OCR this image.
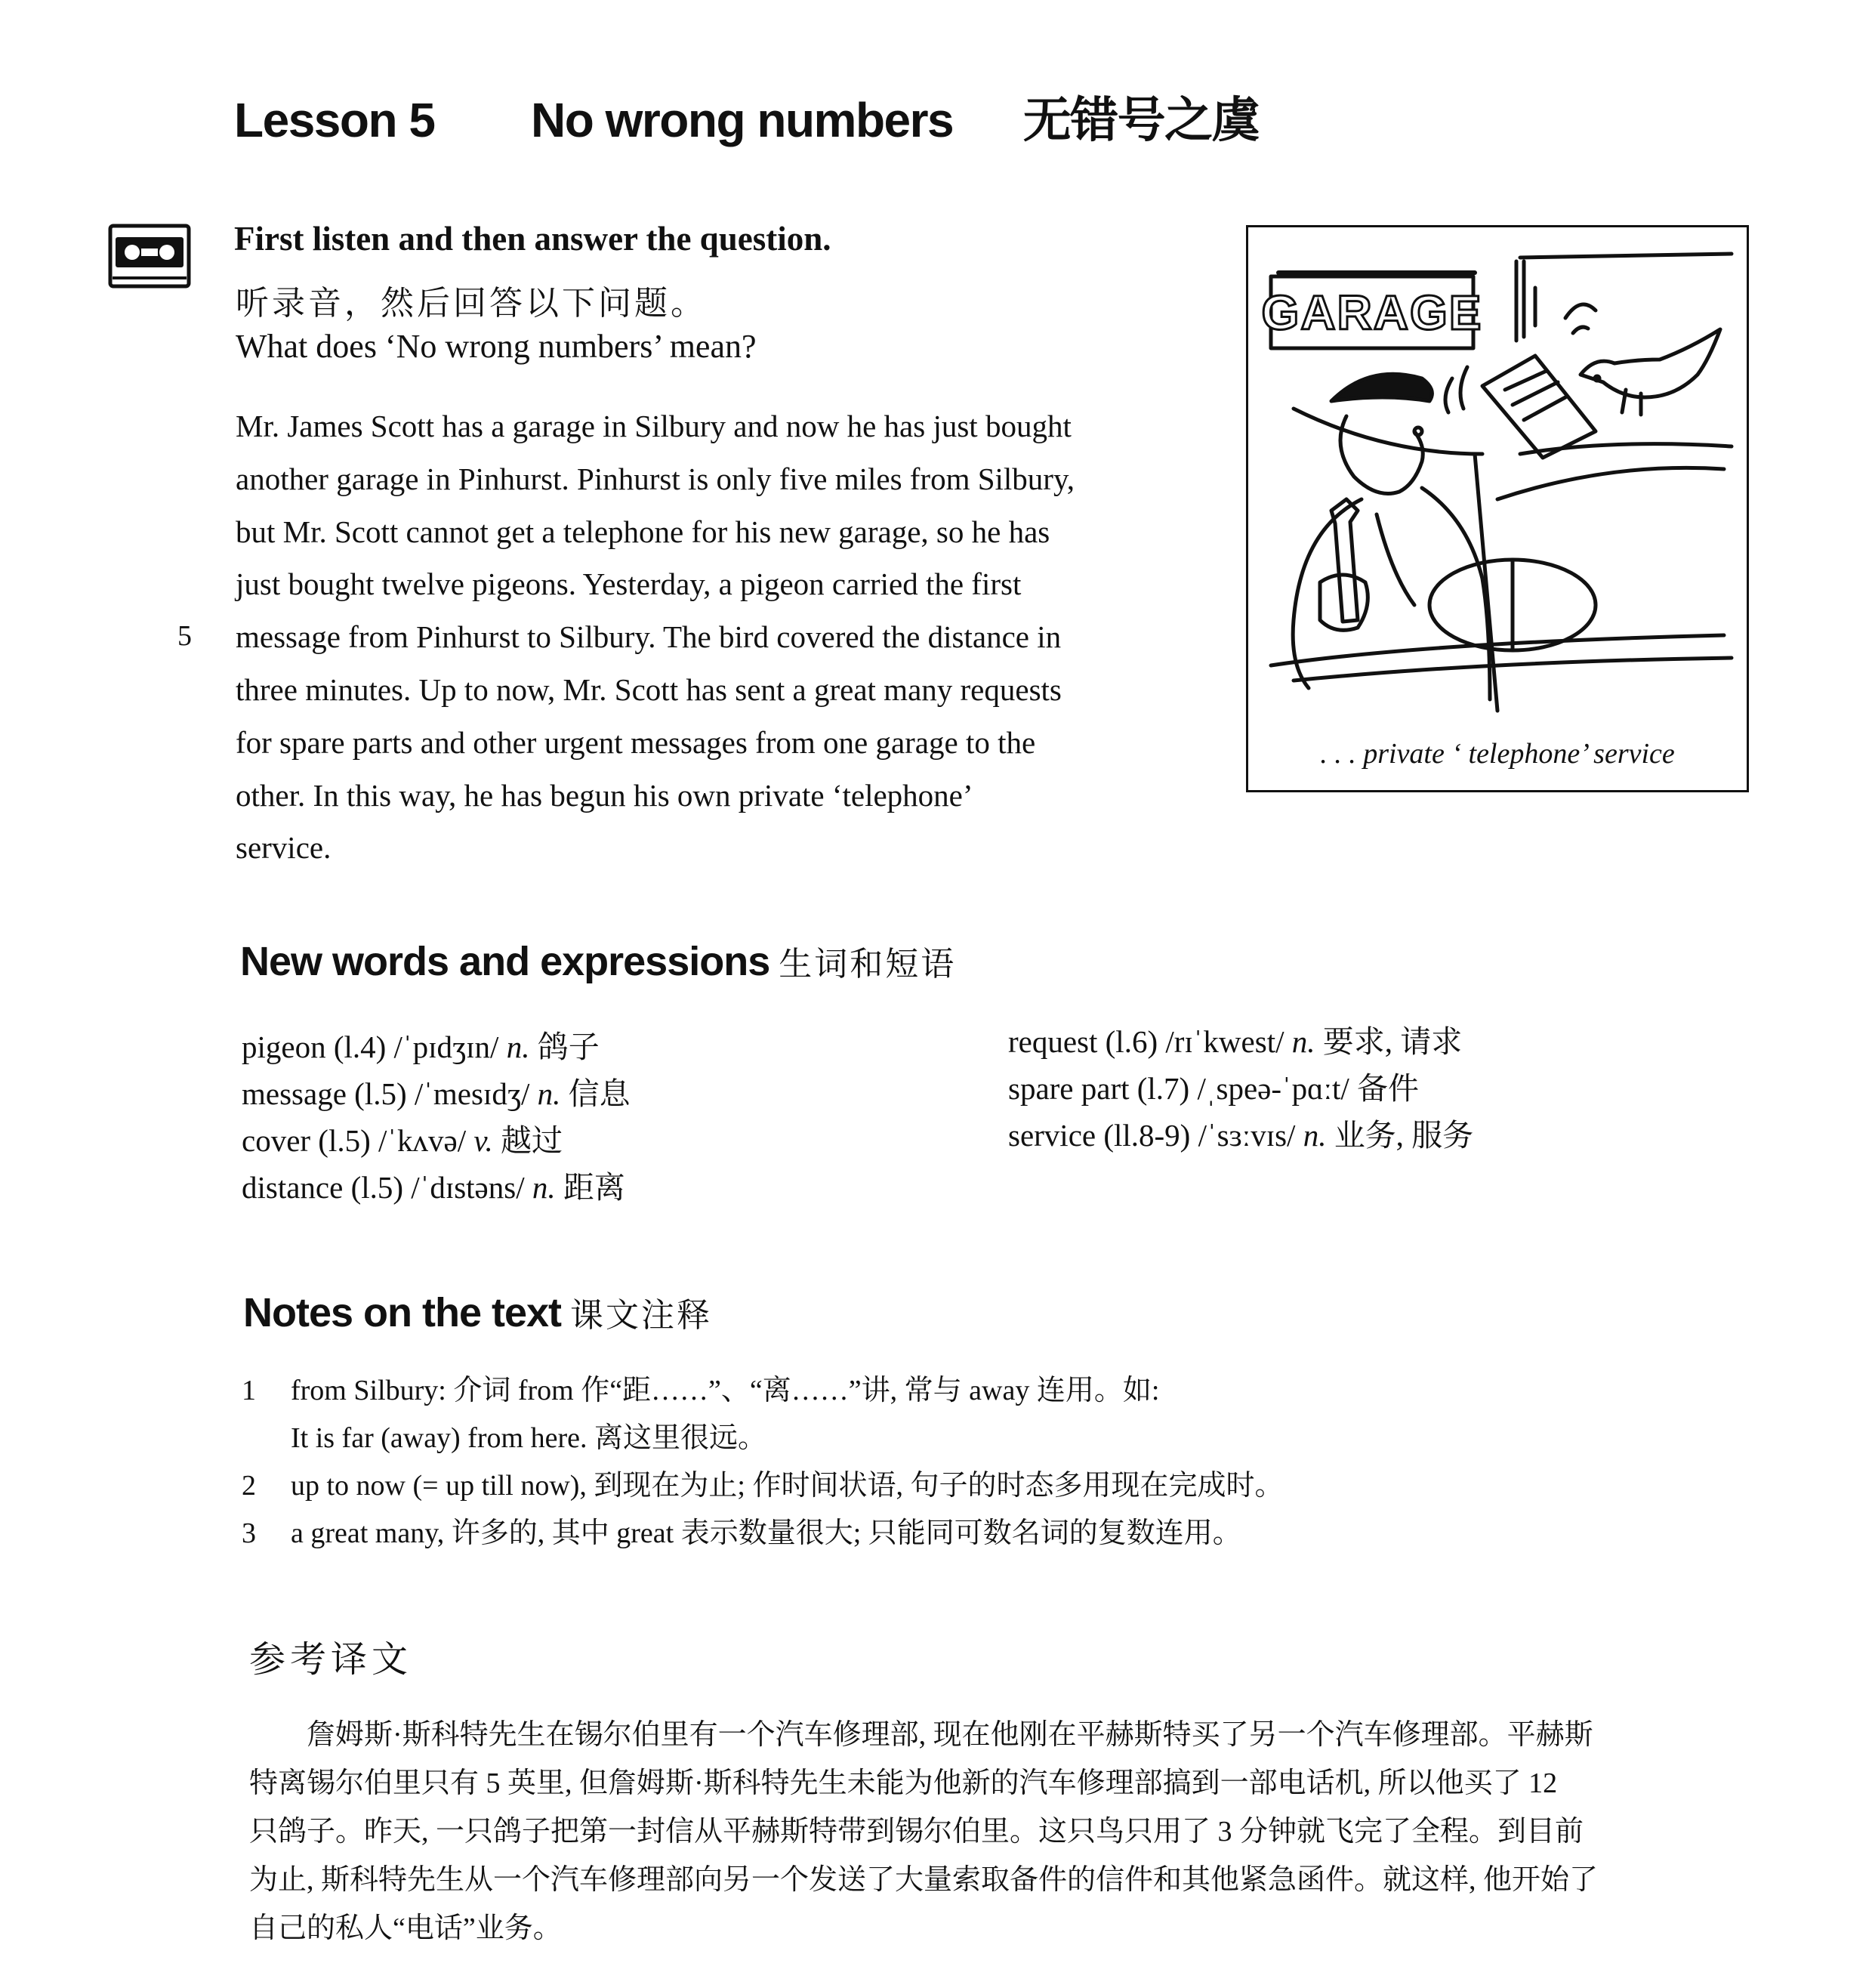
Lesson 5 No wrong numbers 无错号之虞
First listen and then answer the question.
听录音，然后回答以下问题。
What does ‘No wrong numbers’ mean?
Mr. James Scott has a garage in Silbury and now he has just bought
another garage in Pinhurst. Pinhurst is only five miles from Silbury,
but Mr. Scott cannot get a telephone for his new garage, so he has
just bought twelve pigeons. Yesterday, a pigeon carried the first
message from Pinhurst to Silbury. The bird covered the distance in
three minutes. Up to now, Mr. Scott has sent a great many requests
for spare parts and other urgent messages from one garage to the
other. In this way, he has begun his own private ‘telephone’
service.
5
GARAGE
. . . private ‘ telephone’ service
New words and expressions 生词和短语
pigeon (l.4) /ˈpɪdʒɪn/ n. 鸽子
message (l.5) /ˈmesɪdʒ/ n. 信息
cover (l.5) /ˈkʌvə/ v. 越过
distance (l.5) /ˈdɪstəns/ n. 距离
request (l.6) /rɪˈkwest/ n. 要求, 请求
spare part (l.7) /ˌspeə-ˈpɑːt/ 备件
service (ll.8-9) /ˈsɜːvɪs/ n. 业务, 服务
Notes on the text 课文注释
1	from Silbury: 介词 from 作“距……”、“离……”讲, 常与 away 连用。如:
It is far (away) from here. 离这里很远。
2	up to now (= up till now), 到现在为止; 作时间状语, 句子的时态多用现在完成时。
3	a great many, 许多的, 其中 great 表示数量很大; 只能同可数名词的复数连用。
参考译文
　　詹姆斯·斯科特先生在锡尔伯里有一个汽车修理部, 现在他刚在平赫斯特买了另一个汽车修理部。平赫斯
特离锡尔伯里只有 5 英里, 但詹姆斯·斯科特先生未能为他新的汽车修理部搞到一部电话机, 所以他买了 12
只鸽子。昨天, 一只鸽子把第一封信从平赫斯特带到锡尔伯里。这只鸟只用了 3 分钟就飞完了全程。到目前
为止, 斯科特先生从一个汽车修理部向另一个发送了大量索取备件的信件和其他紧急函件。就这样, 他开始了
自己的私人“电话”业务。
